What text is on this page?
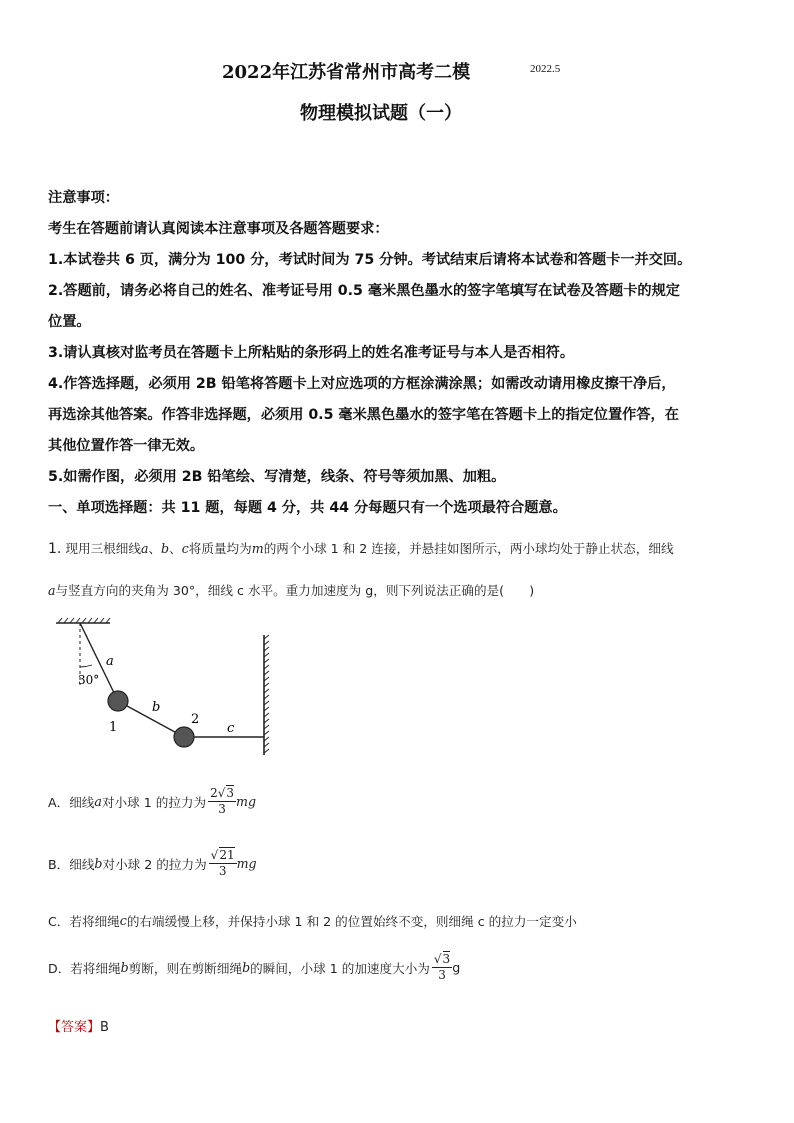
2022年江苏省常州市高考二模	2022.5
物理模拟试题（一）
注意事项：
考生在答题前请认真阅读本注意事项及各题答题要求：
1.本试卷共 6 页，满分为 100 分，考试时间为 75 分钟。考试结束后请将本试卷和答题卡一并交回。
2.答题前，请务必将自己的姓名、准考证号用 0.5 毫米黑色墨水的签字笔填写在试卷及答题卡的规定
位置。
3.请认真核对监考员在答题卡上所粘贴的条形码上的姓名准考证号与本人是否相符。
4.作答选择题，必须用 2B 铅笔将答题卡上对应选项的方框涂满涂黑；如需改动请用橡皮擦干净后，
再选涂其他答案。作答非选择题，必须用 0.5 毫米黑色墨水的签字笔在答题卡上的指定位置作答，在
其他位置作答一律无效。
5.如需作图，必须用 2B 铅笔绘、写清楚，线条、符号等须加黑、加粗。
一、单项选择题：共 11 题，每题 4 分，共 44 分每题只有一个选项最符合题意。
1. 现用三根细线a、b、c将质量均为m的两个小球 1 和 2 连接，并悬挂如图所示，两小球均处于静止状态，细线
a与竖直方向的夹角为 30°，细线 c 水平。重力加速度为 g，则下列说法正确的是(　　)
a
30°
1
b
2
c
A．细线 a 对小球 1 的拉力为 $\frac{2√3}{3}$ mg
B．细线 b 对小球 2 的拉力为 $\frac{√21}{3}$ mg
C．若将细绳 c 的右端缓慢上移，并保持小球 1 和 2 的位置始终不变，则细绳 c 的拉力一定变小
D．若将细绳 b 剪断，则在剪断细绳 b 的瞬间，小球 1 的加速度大小为 $\frac{√3}{3}$ g
【答案】B
